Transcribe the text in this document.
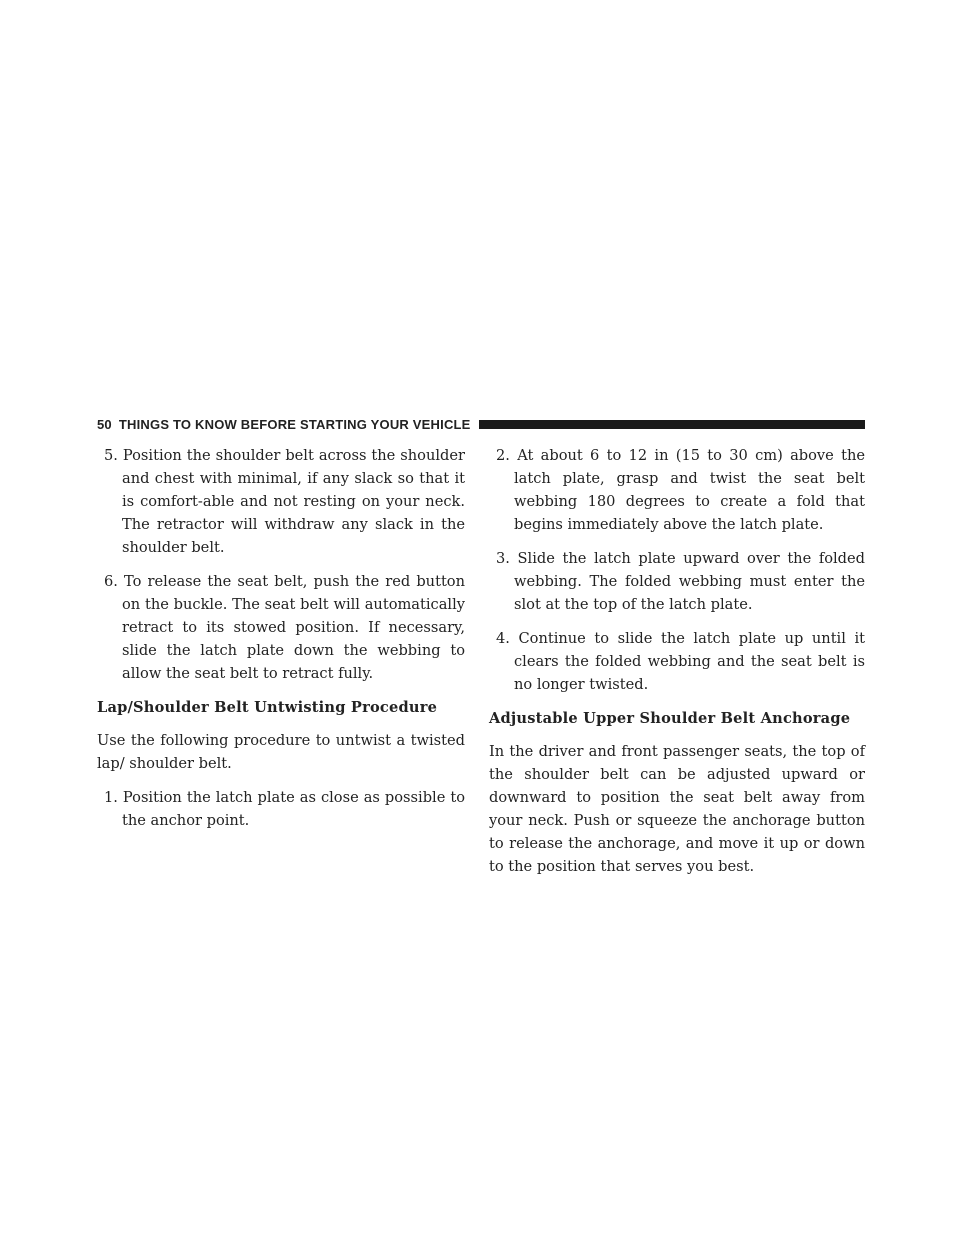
50 THINGS TO KNOW BEFORE STARTING YOUR VEHICLE

5. Position the shoulder belt across the shoulder and chest with minimal, if any slack so that it is comfort-able and not resting on your neck. The retractor will withdraw any slack in the shoulder belt.

6. To release the seat belt, push the red button on the buckle. The seat belt will automatically retract to its stowed position. If necessary, slide the latch plate down the webbing to allow the seat belt to retract fully.

Lap/Shoulder Belt Untwisting Procedure

Use the following procedure to untwist a twisted lap/ shoulder belt.

1. Position the latch plate as close as possible to the anchor point.

2. At about 6 to 12 in (15 to 30 cm) above the latch plate, grasp and twist the seat belt webbing 180 degrees to create a fold that begins immediately above the latch plate.

3. Slide the latch plate upward over the folded webbing. The folded webbing must enter the slot at the top of the latch plate.

4. Continue to slide the latch plate up until it clears the folded webbing and the seat belt is no longer twisted.

Adjustable Upper Shoulder Belt Anchorage

In the driver and front passenger seats, the top of the shoulder belt can be adjusted upward or downward to position the seat belt away from your neck. Push or squeeze the anchorage button to release the anchorage, and move it up or down to the position that serves you best.
